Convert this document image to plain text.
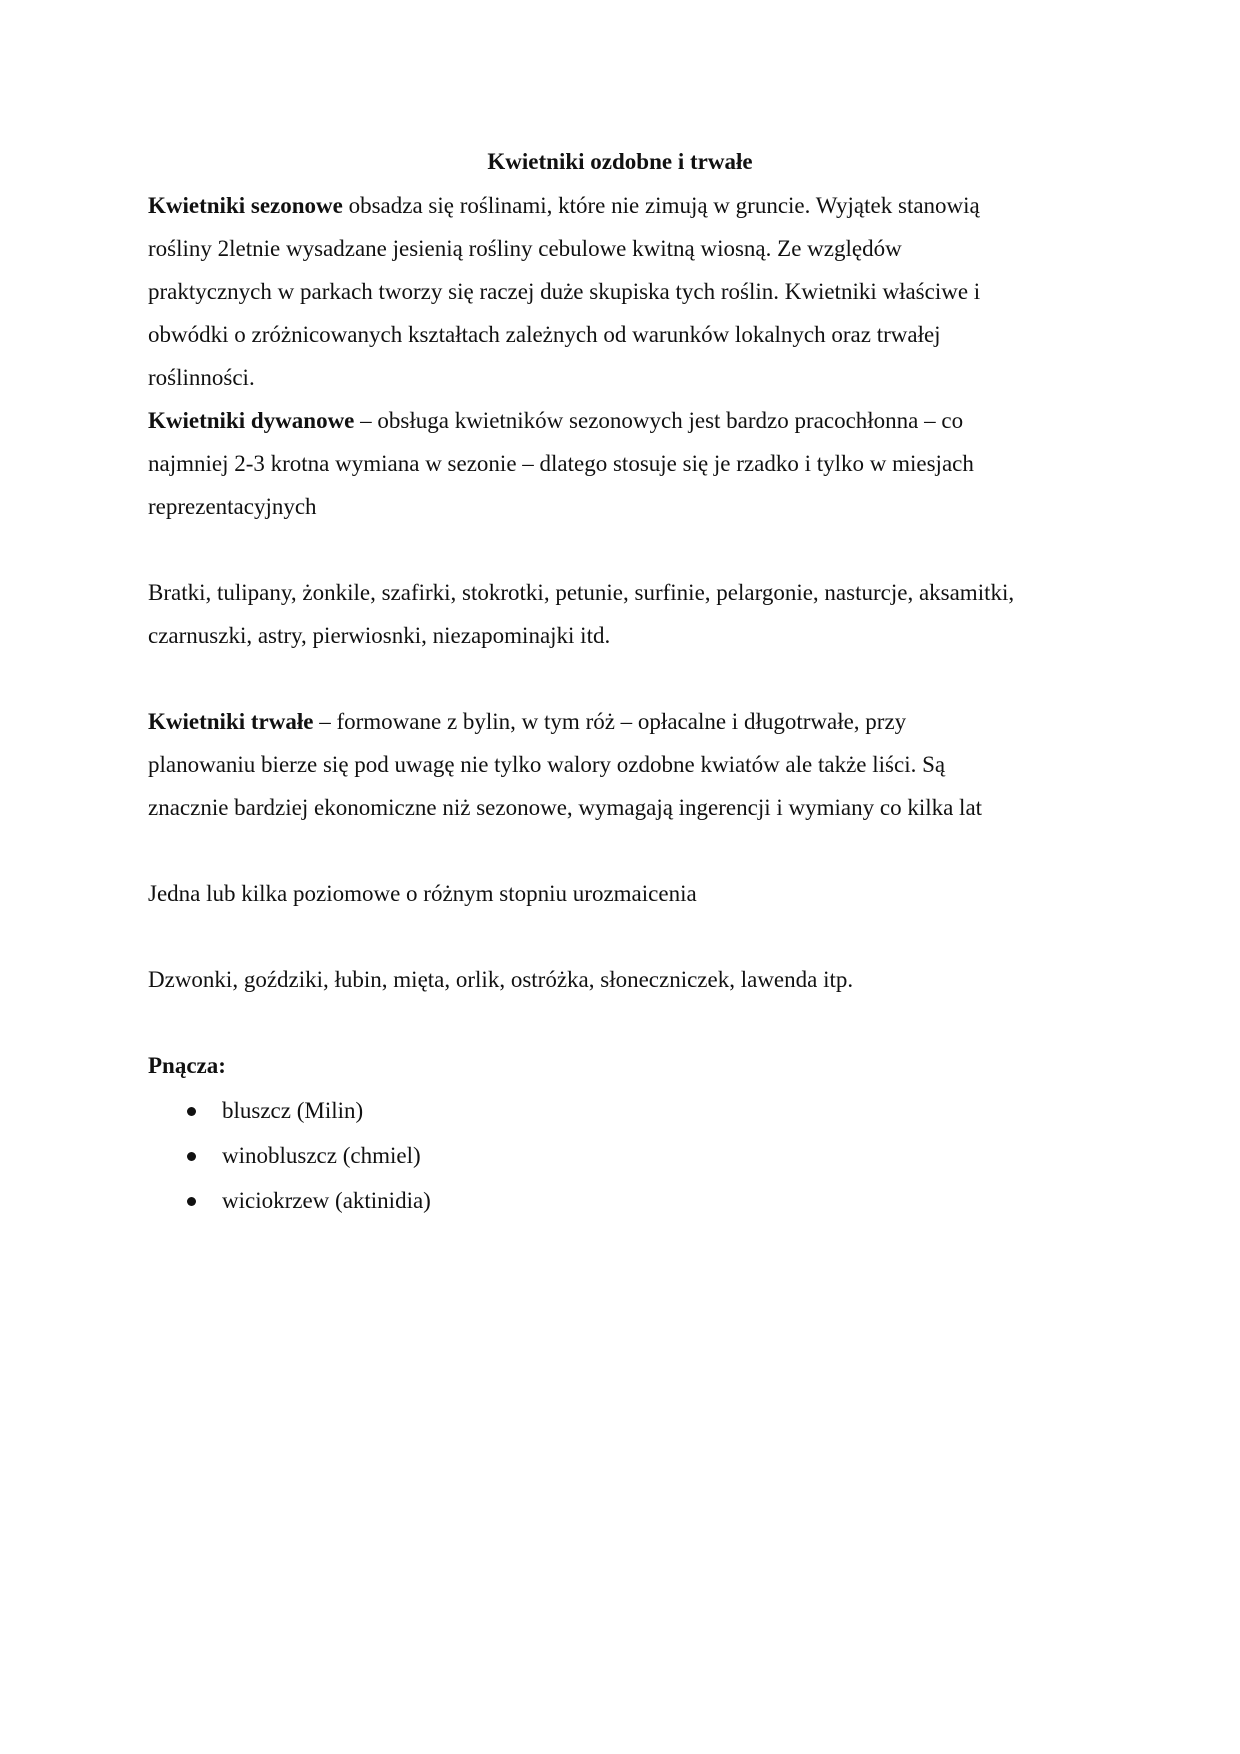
Kwietniki ozdobne i trwałe
Kwietniki sezonowe obsadza się roślinami, które nie zimują w gruncie. Wyjątek stanowią
rośliny 2letnie wysadzane jesienią rośliny cebulowe kwitną wiosną. Ze względów
praktycznych w parkach tworzy się raczej duże skupiska tych roślin. Kwietniki właściwe i
obwódki o zróżnicowanych kształtach zależnych od warunków lokalnych oraz trwałej
roślinności.
Kwietniki dywanowe – obsługa kwietników sezonowych jest bardzo pracochłonna – co
najmniej 2-3 krotna wymiana w sezonie – dlatego stosuje się je rzadko i tylko w miesjach
reprezentacyjnych
Bratki, tulipany, żonkile, szafirki, stokrotki, petunie, surfinie, pelargonie, nasturcje, aksamitki,
czarnuszki, astry, pierwiosnki, niezapominajki itd.
Kwietniki trwałe – formowane z bylin, w tym róż – opłacalne i długotrwałe, przy
planowaniu bierze się pod uwagę nie tylko walory ozdobne kwiatów ale także liści. Są
znacznie bardziej ekonomiczne niż sezonowe, wymagają ingerencji i wymiany co kilka lat
Jedna lub kilka poziomowe o różnym stopniu urozmaicenia
Dzwonki, goździki, łubin, mięta, orlik, ostróżka, słoneczniczek, lawenda itp.
Pnącza:
bluszcz (Milin)
winobluszcz (chmiel)
wiciokrzew (aktinidia)
